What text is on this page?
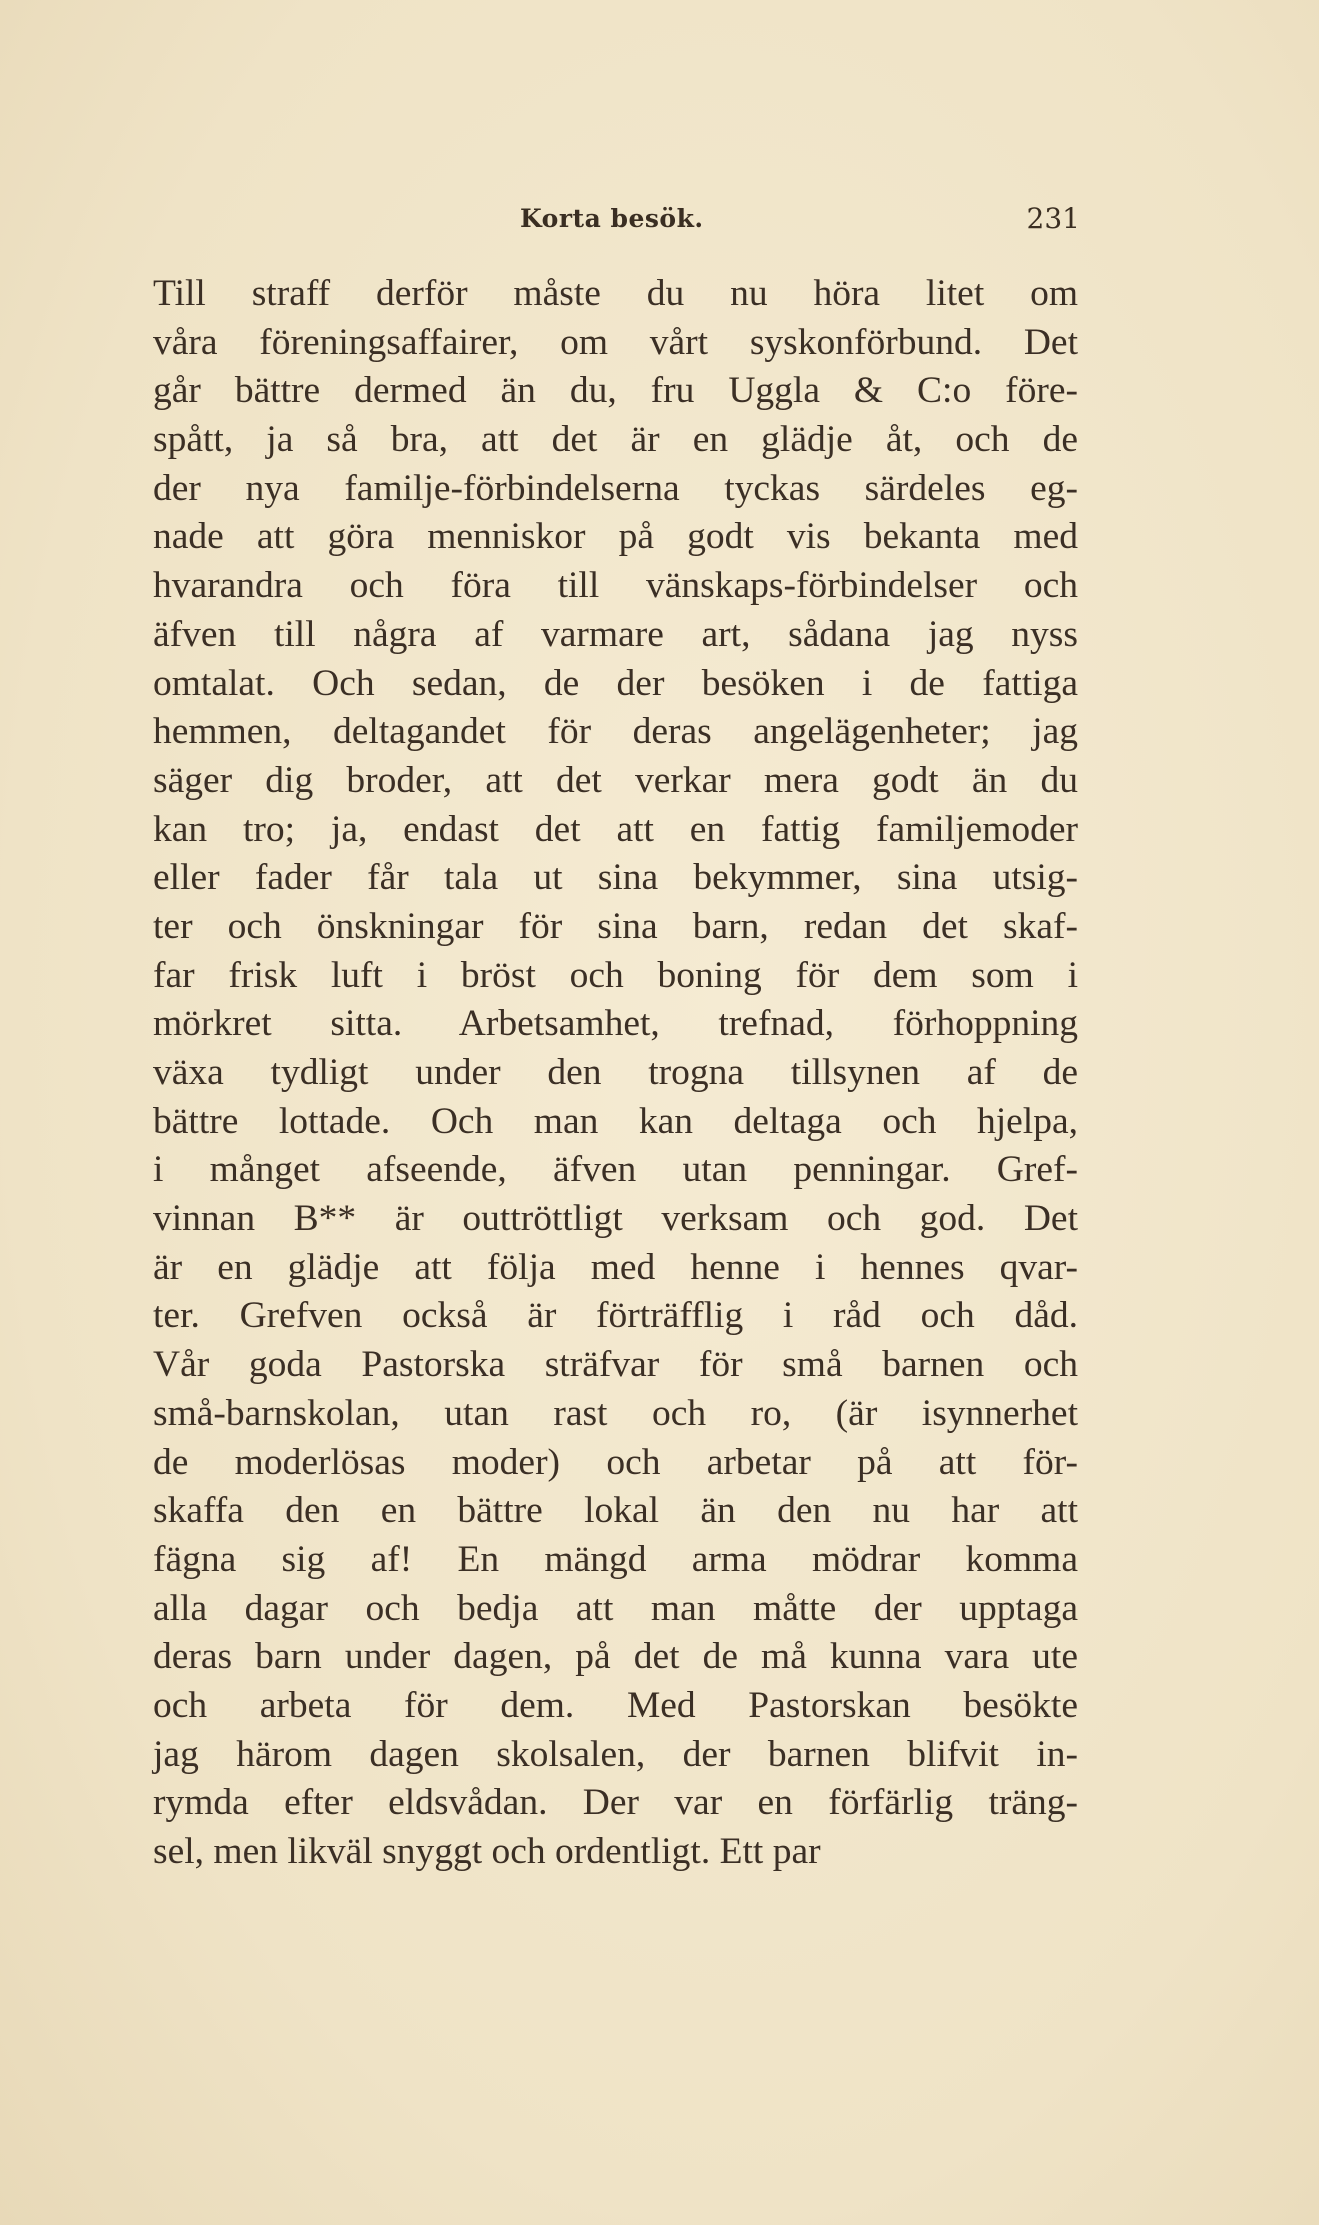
Korta besök.	231
Till straff derför måste du nu höra litet om
våra föreningsaffairer, om vårt syskonförbund. Det
går bättre dermed än du, fru Uggla & C:o före-
spått, ja så bra, att det är en glädje åt, och de
der nya familje-förbindelserna tyckas särdeles eg-
nade att göra menniskor på godt vis bekanta med
hvarandra och föra till vänskaps-förbindelser och
äfven till några af varmare art, sådana jag nyss
omtalat. Och sedan, de der besöken i de fattiga
hemmen, deltagandet för deras angelägenheter; jag
säger dig broder, att det verkar mera godt än du
kan tro; ja, endast det att en fattig familjemoder
eller fader får tala ut sina bekymmer, sina utsig-
ter och önskningar för sina barn, redan det skaf-
far frisk luft i bröst och boning för dem som i
mörkret sitta. Arbetsamhet, trefnad, förhoppning
växa tydligt under den trogna tillsynen af de
bättre lottade. Och man kan deltaga och hjelpa,
i månget afseende, äfven utan penningar. Gref-
vinnan B** är outtröttligt verksam och god. Det
är en glädje att följa med henne i hennes qvar-
ter. Grefven också är förträfflig i råd och dåd.
Vår goda Pastorska sträfvar för små barnen och
små-barnskolan, utan rast och ro, (är isynnerhet
de moderlösas moder) och arbetar på att för-
skaffa den en bättre lokal än den nu har att
fägna sig af! En mängd arma mödrar komma
alla dagar och bedja att man måtte der upptaga
deras barn under dagen, på det de må kunna vara ute
och arbeta för dem. Med Pastorskan besökte
jag härom dagen skolsalen, der barnen blifvit in-
rymda efter eldsvådan. Der var en förfärlig träng-
sel, men likväl snyggt och ordentligt. Ett par
